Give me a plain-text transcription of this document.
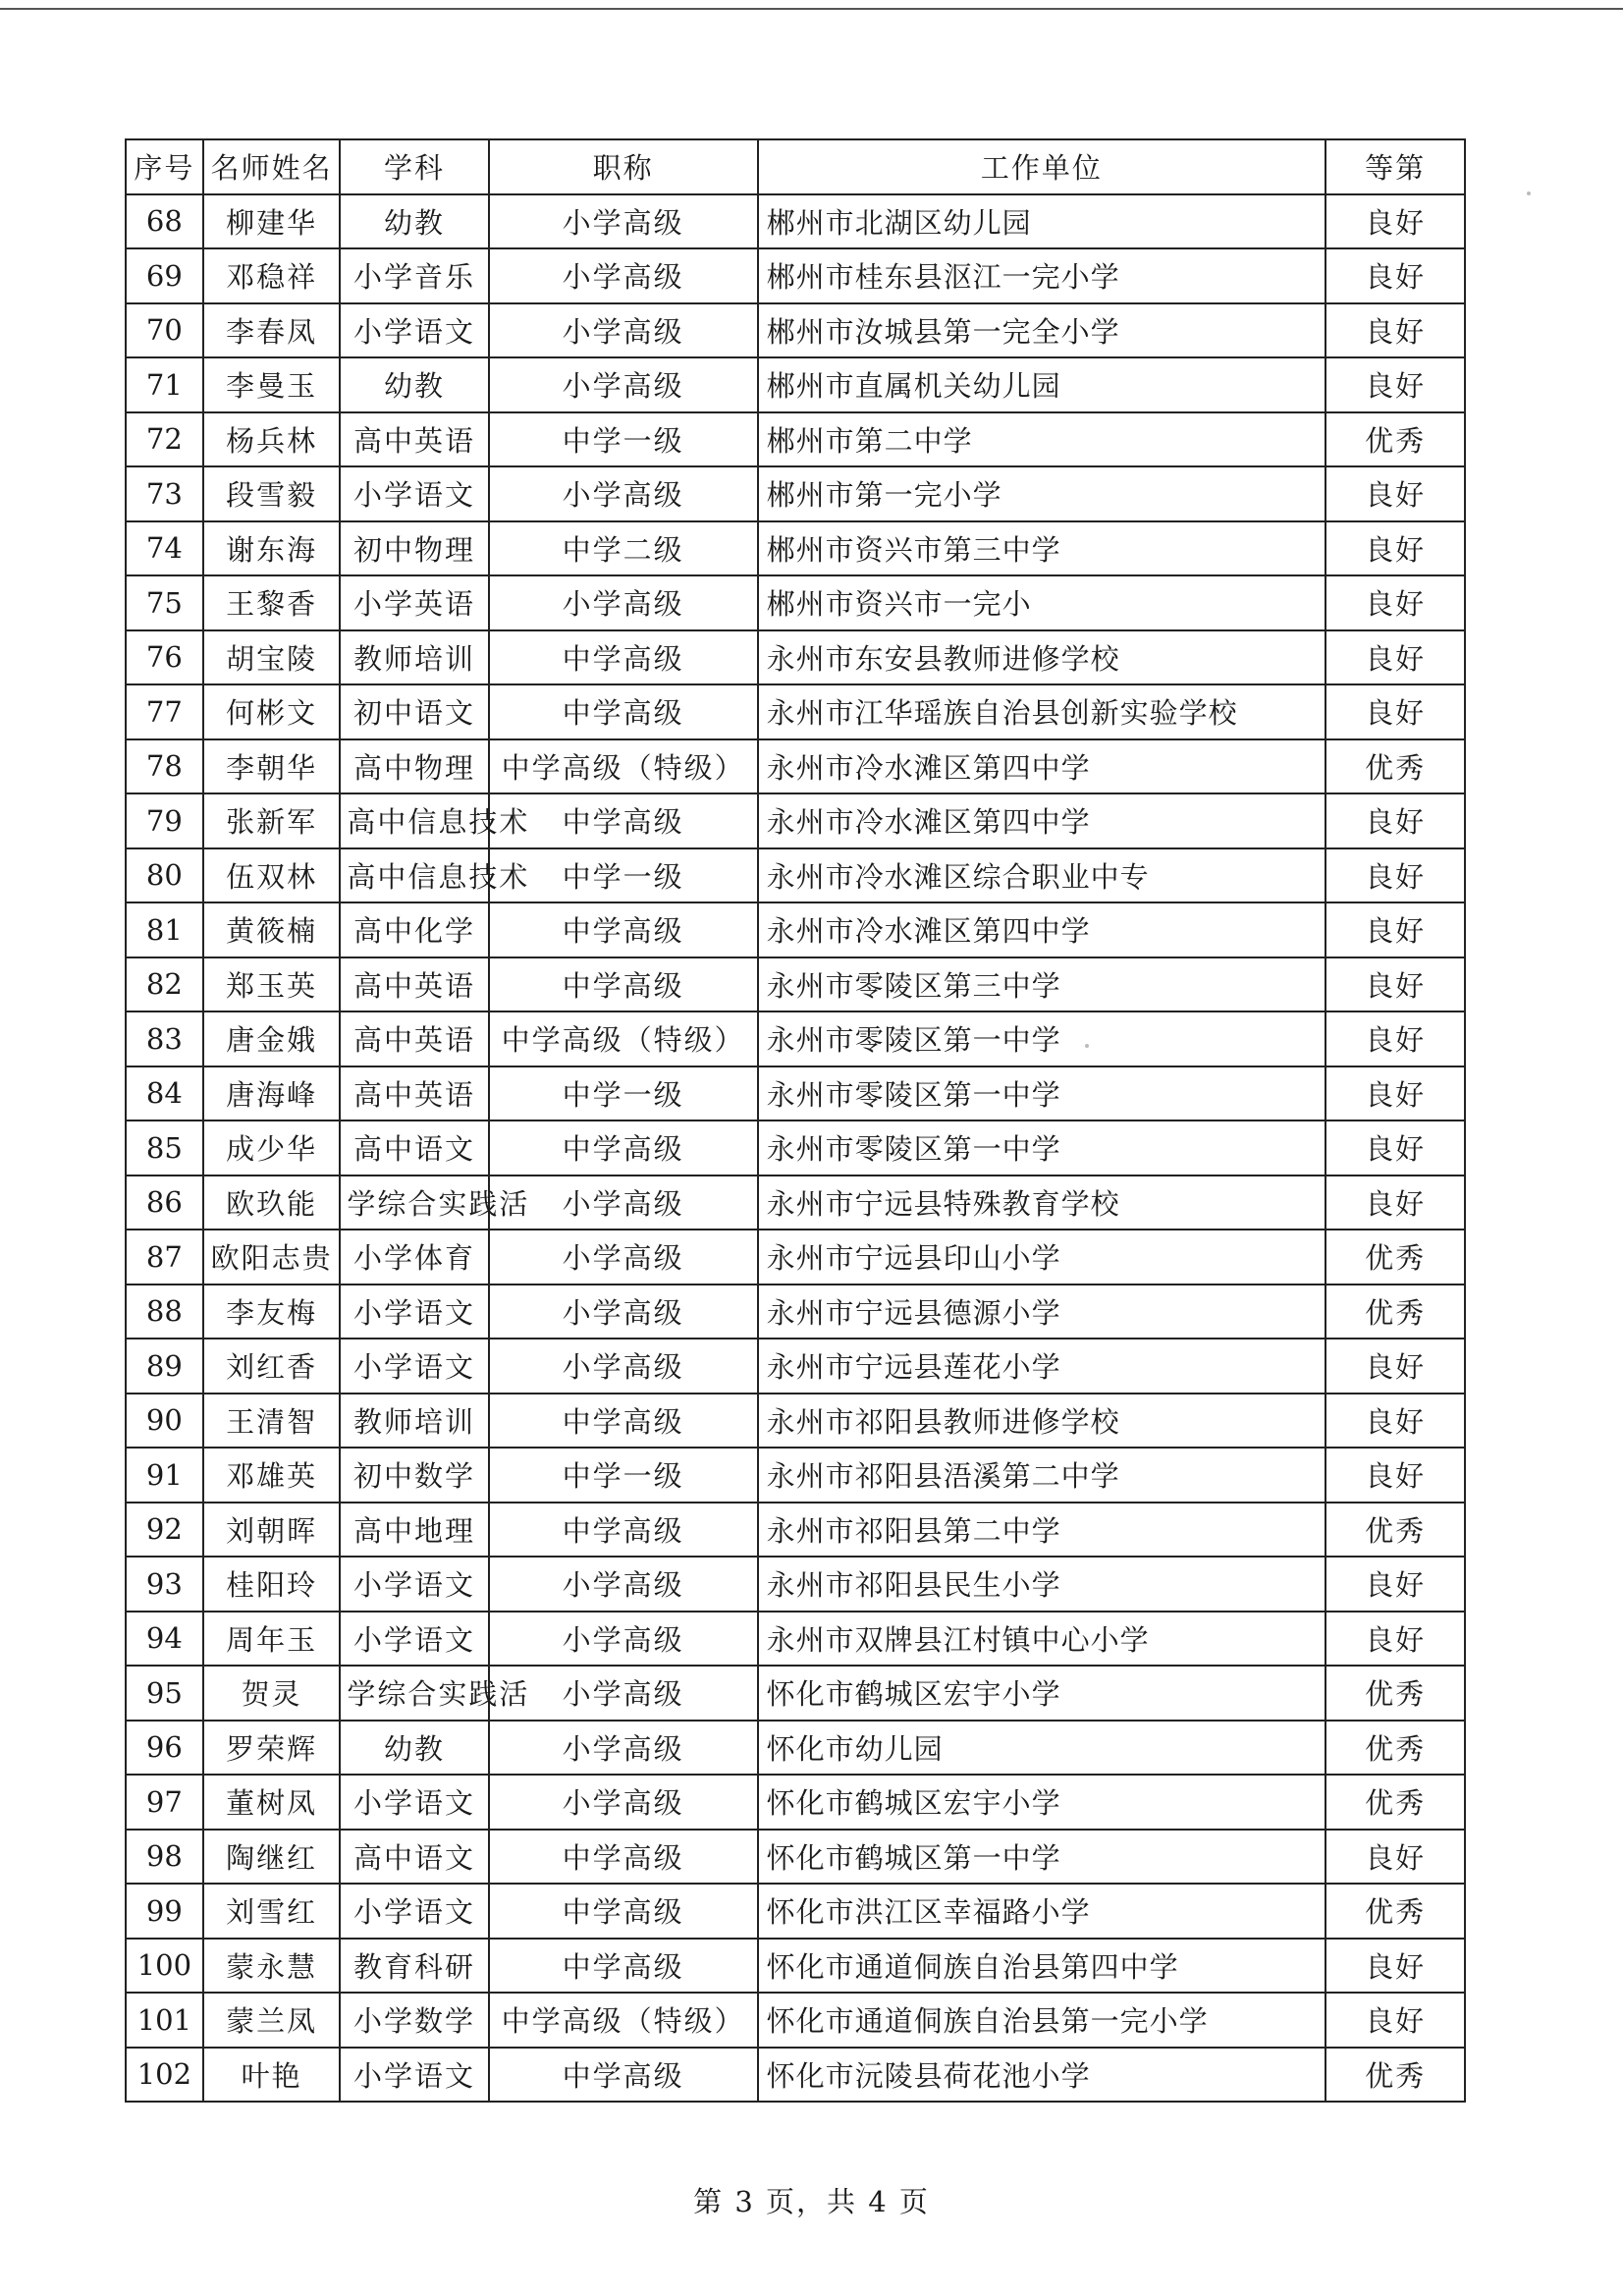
序号	名师姓名	学科	职称	工作单位	等第
68	柳建华	幼教	小学高级	郴州市北湖区幼儿园	良好
69	邓稳祥	小学音乐	小学高级	郴州市桂东县沤江一完小学	良好
70	李春凤	小学语文	小学高级	郴州市汝城县第一完全小学	良好
71	李曼玉	幼教	小学高级	郴州市直属机关幼儿园	良好
72	杨兵林	高中英语	中学一级	郴州市第二中学	优秀
73	段雪毅	小学语文	小学高级	郴州市第一完小学	良好
74	谢东海	初中物理	中学二级	郴州市资兴市第三中学	良好
75	王黎香	小学英语	小学高级	郴州市资兴市一完小	良好
76	胡宝陵	教师培训	中学高级	永州市东安县教师进修学校	良好
77	何彬文	初中语文	中学高级	永州市江华瑶族自治县创新实验学校	良好
78	李朝华	高中物理	中学高级（特级）	永州市冷水滩区第四中学	优秀
79	张新军	高中信息技术	中学高级	永州市冷水滩区第四中学	良好
80	伍双林	高中信息技术	中学一级	永州市冷水滩区综合职业中专	良好
81	黄筱楠	高中化学	中学高级	永州市冷水滩区第四中学	良好
82	郑玉英	高中英语	中学高级	永州市零陵区第三中学	良好
83	唐金娥	高中英语	中学高级（特级）	永州市零陵区第一中学	良好
84	唐海峰	高中英语	中学一级	永州市零陵区第一中学	良好
85	成少华	高中语文	中学高级	永州市零陵区第一中学	良好
86	欧玖能	学综合实践活	小学高级	永州市宁远县特殊教育学校	良好
87	欧阳志贵	小学体育	小学高级	永州市宁远县印山小学	优秀
88	李友梅	小学语文	小学高级	永州市宁远县德源小学	优秀
89	刘红香	小学语文	小学高级	永州市宁远县莲花小学	良好
90	王清智	教师培训	中学高级	永州市祁阳县教师进修学校	良好
91	邓雄英	初中数学	中学一级	永州市祁阳县浯溪第二中学	良好
92	刘朝晖	高中地理	中学高级	永州市祁阳县第二中学	优秀
93	桂阳玲	小学语文	小学高级	永州市祁阳县民生小学	良好
94	周年玉	小学语文	小学高级	永州市双牌县江村镇中心小学	良好
95	贺灵	学综合实践活	小学高级	怀化市鹤城区宏宇小学	优秀
96	罗荣辉	幼教	小学高级	怀化市幼儿园	优秀
97	董树凤	小学语文	小学高级	怀化市鹤城区宏宇小学	优秀
98	陶继红	高中语文	中学高级	怀化市鹤城区第一中学	良好
99	刘雪红	小学语文	中学高级	怀化市洪江区幸福路小学	优秀
100	蒙永慧	教育科研	中学高级	怀化市通道侗族自治县第四中学	良好
101	蒙兰凤	小学数学	中学高级（特级）	怀化市通道侗族自治县第一完小学	良好
102	叶艳	小学语文	中学高级	怀化市沅陵县荷花池小学	优秀
第 3 页，共 4 页
